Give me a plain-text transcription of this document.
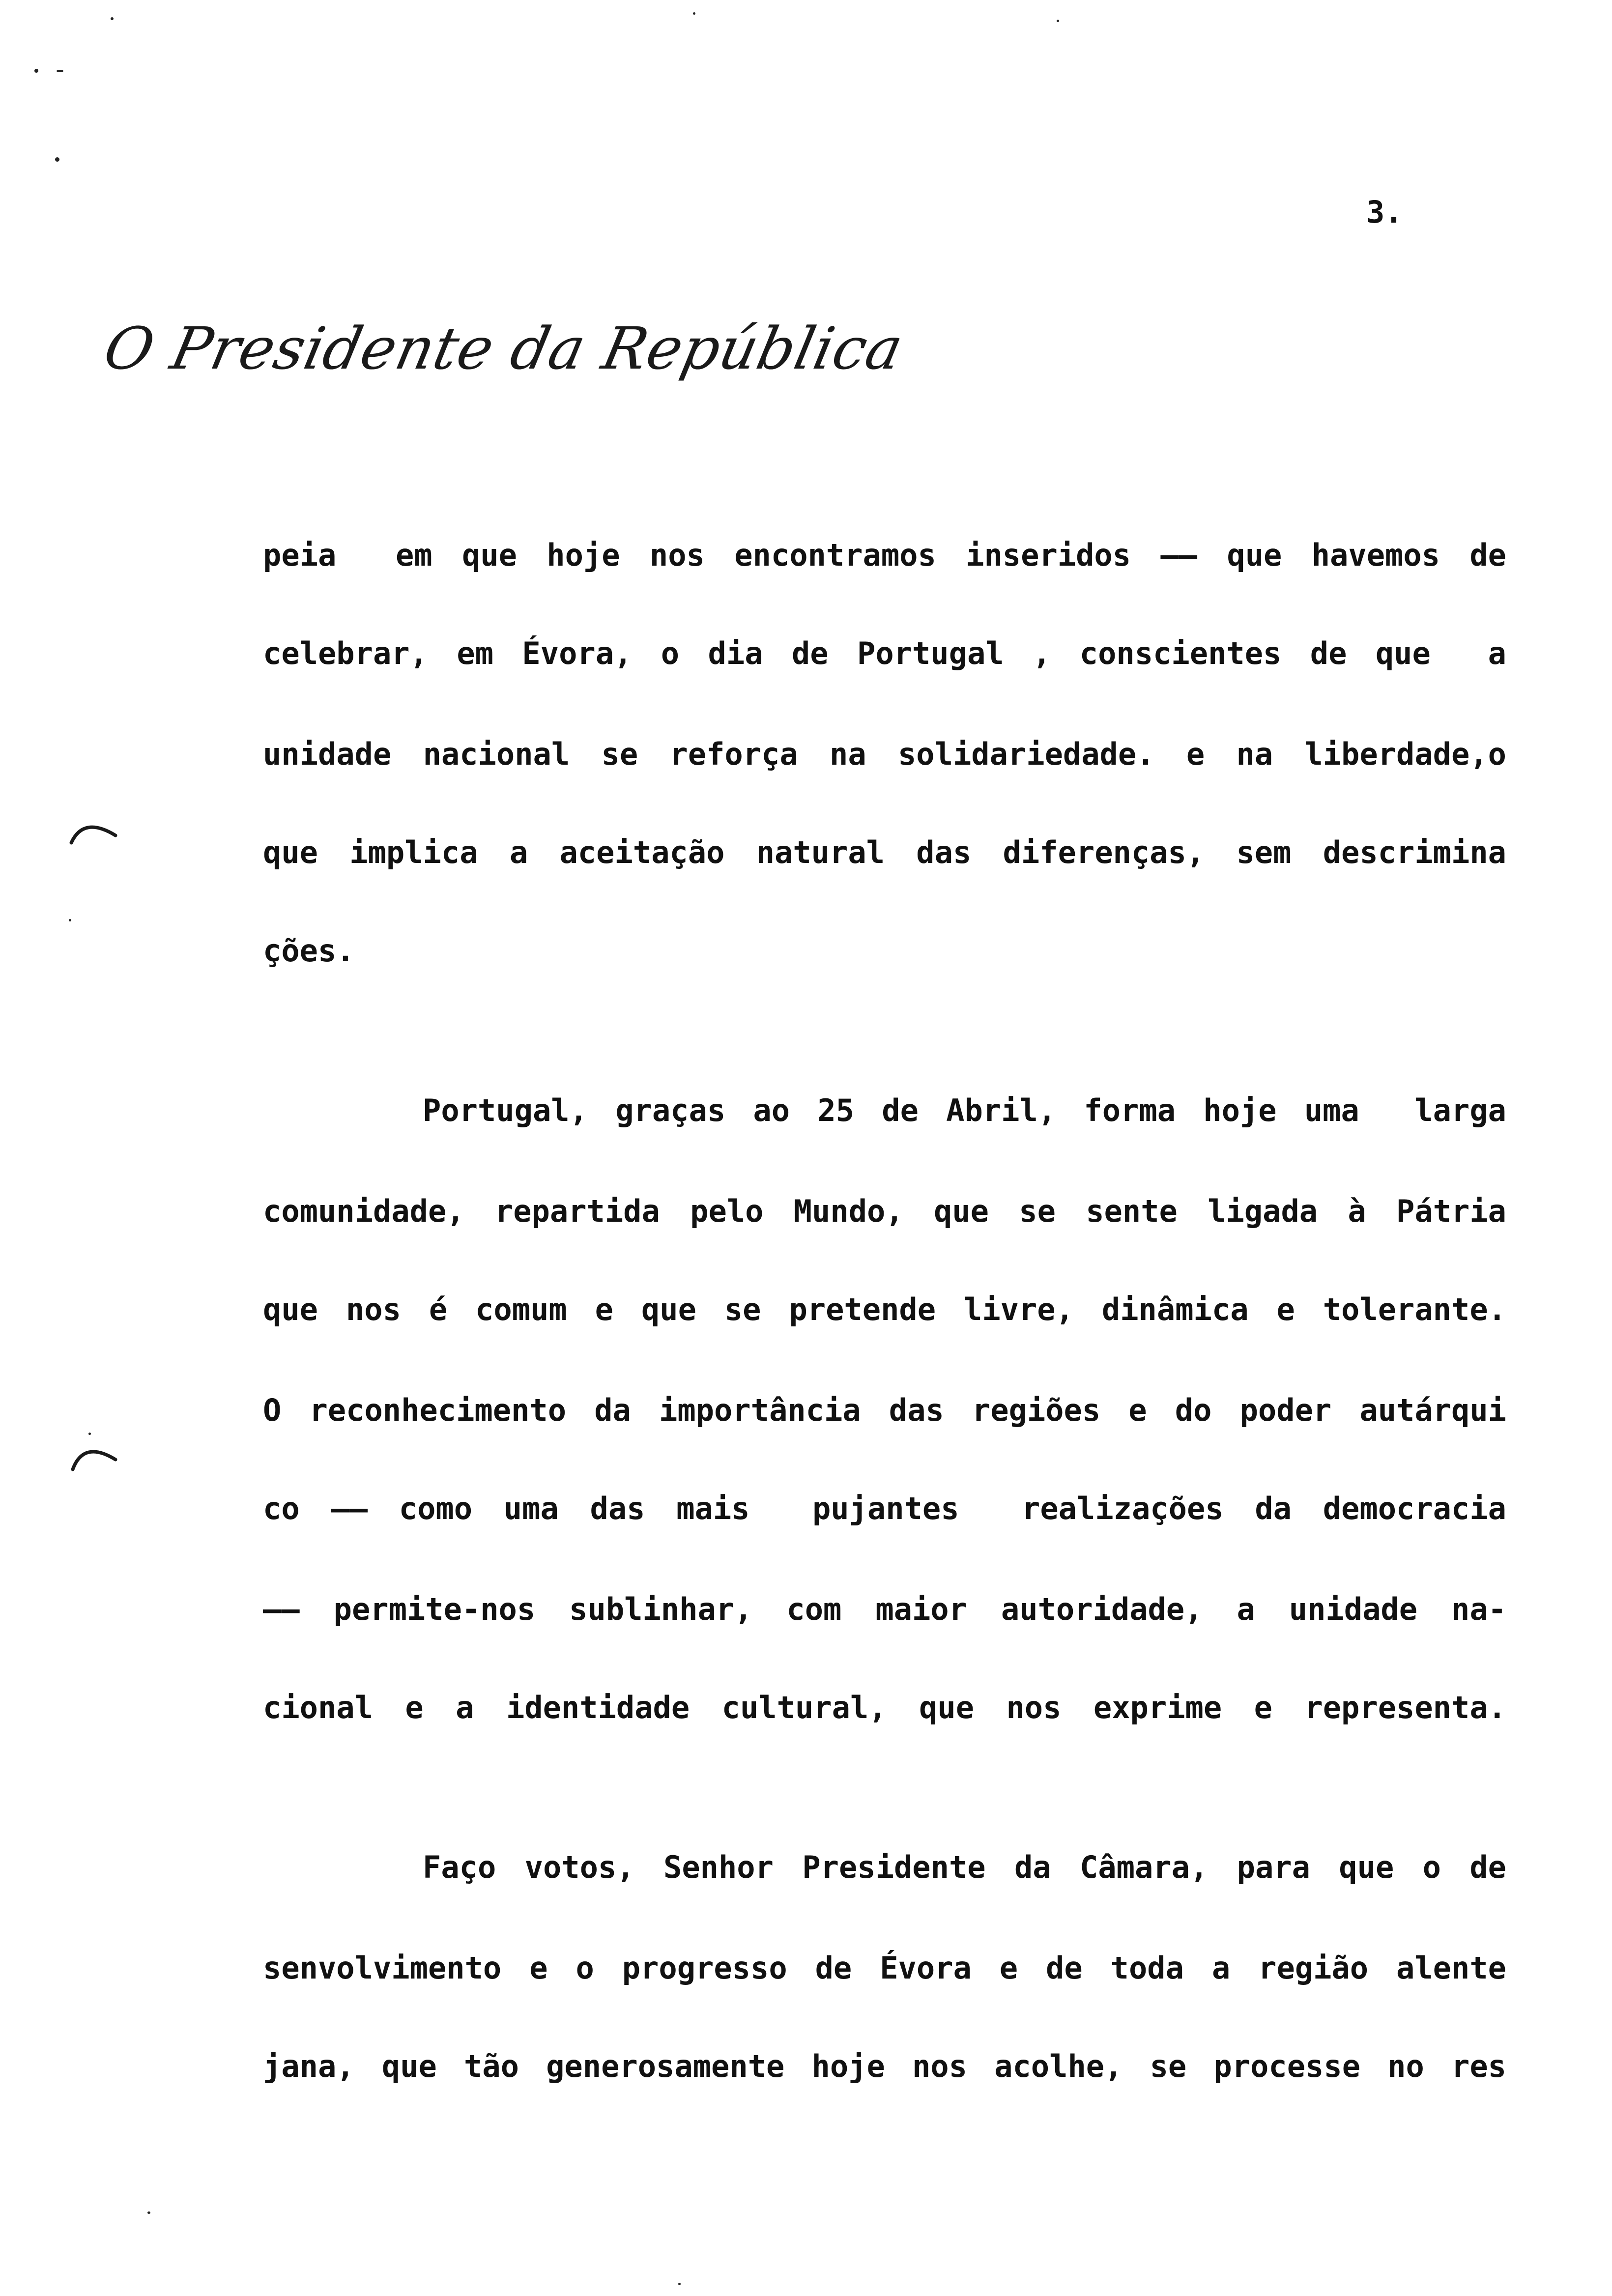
3.
O Presidente da República
peia  em que hoje nos encontramos inseridos —— que havemos de
celebrar, em Évora, o dia de Portugal , conscientes de que  a
unidade nacional se reforça na solidariedade. e na liberdade,o
que implica a aceitação natural das diferenças, sem descrimina
ções.
Portugal, graças ao 25 de Abril, forma hoje uma  larga
comunidade, repartida pelo Mundo, que se sente ligada à Pátria
que nos é comum e que se pretende livre, dinâmica e tolerante.
O reconhecimento da importância das regiões e do poder autárqui
co —— como uma das mais  pujantes  realizações da democracia
—— permite-nos sublinhar, com maior autoridade, a unidade na-
cional e a identidade cultural, que nos exprime e representa.
Faço votos, Senhor Presidente da Câmara, para que o de
senvolvimento e o progresso de Évora e de toda a região alente
jana, que tão generosamente hoje nos acolhe, se processe no res
